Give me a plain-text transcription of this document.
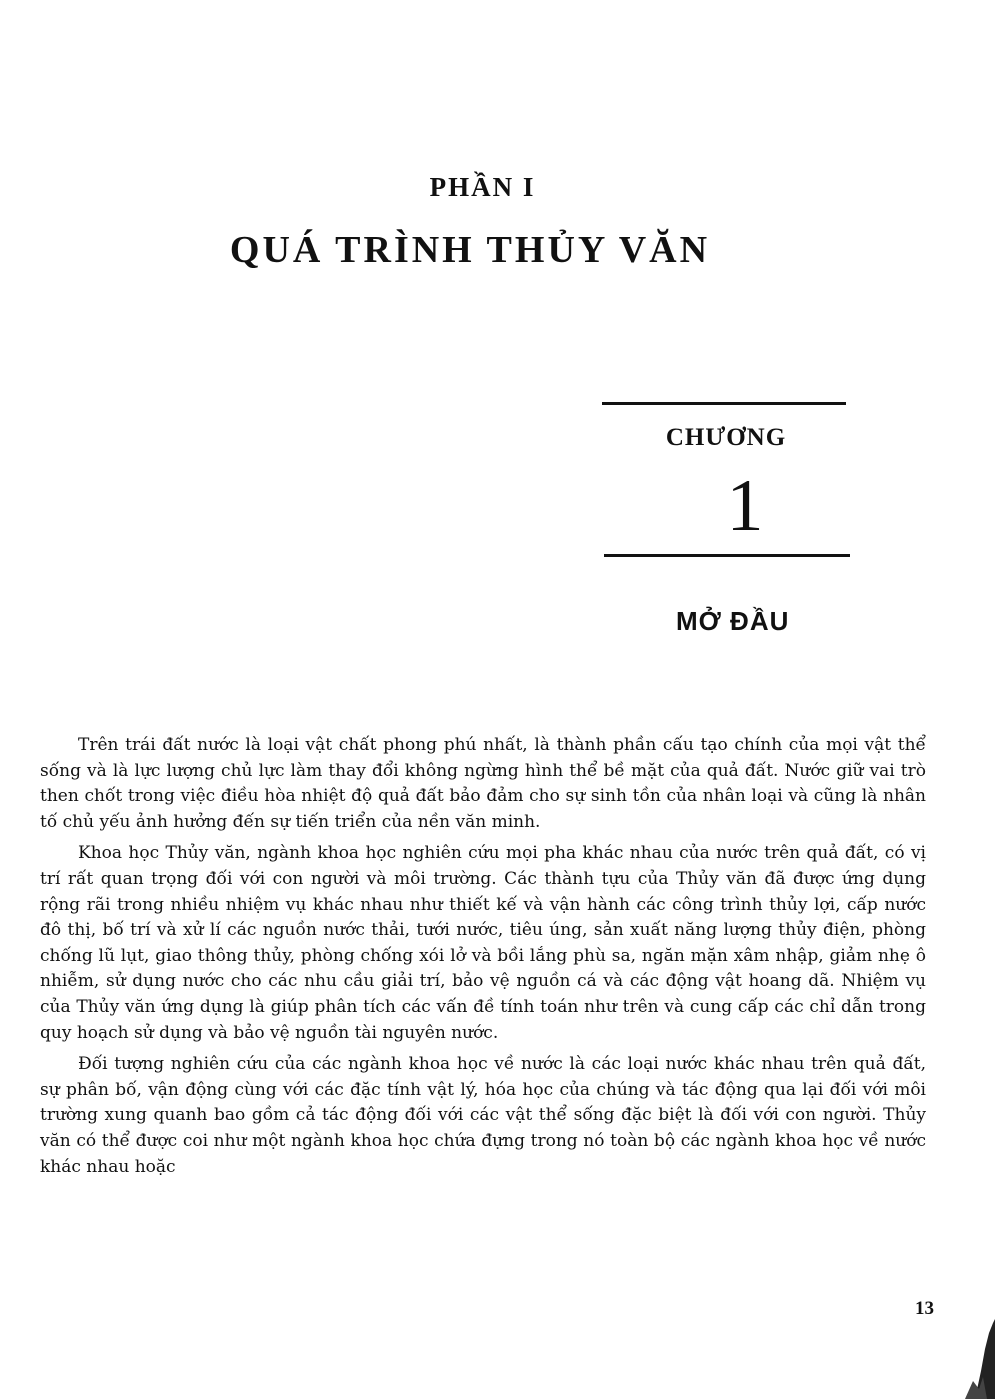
PHẦN I
QUÁ TRÌNH THỦY VĂN
CHƯƠNG
1
MỞ ĐẦU

Trên trái đất nước là loại vật chất phong phú nhất, là thành phần cấu tạo chính của mọi vật thể sống và là lực lượng chủ lực làm thay đổi không ngừng hình thể bề mặt của quả đất. Nước giữ vai trò then chốt trong việc điều hòa nhiệt độ quả đất bảo đảm cho sự sinh tồn của nhân loại và cũng là nhân tố chủ yếu ảnh hưởng đến sự tiến triển của nền văn minh.

Khoa học Thủy văn, ngành khoa học nghiên cứu mọi pha khác nhau của nước trên quả đất, có vị trí rất quan trọng đối với con người và môi trường. Các thành tựu của Thủy văn đã được ứng dụng rộng rãi trong nhiều nhiệm vụ khác nhau như thiết kế và vận hành các công trình thủy lợi, cấp nước đô thị, bố trí và xử lí các nguồn nước thải, tưới nước, tiêu úng, sản xuất năng lượng thủy điện, phòng chống lũ lụt, giao thông thủy, phòng chống xói lở và bồi lắng phù sa, ngăn mặn xâm nhập, giảm nhẹ ô nhiễm, sử dụng nước cho các nhu cầu giải trí, bảo vệ nguồn cá và các động vật hoang dã. Nhiệm vụ của Thủy văn ứng dụng là giúp phân tích các vấn đề tính toán như trên và cung cấp các chỉ dẫn trong quy hoạch sử dụng và bảo vệ nguồn tài nguyên nước.

Đối tượng nghiên cứu của các ngành khoa học về nước là các loại nước khác nhau trên quả đất, sự phân bố, vận động cùng với các đặc tính vật lý, hóa học của chúng và tác động qua lại đối với môi trường xung quanh bao gồm cả tác động đối với các vật thể sống đặc biệt là đối với con người. Thủy văn có thể được coi như một ngành khoa học chứa đựng trong nó toàn bộ các ngành khoa học về nước khác nhau hoặc

13
